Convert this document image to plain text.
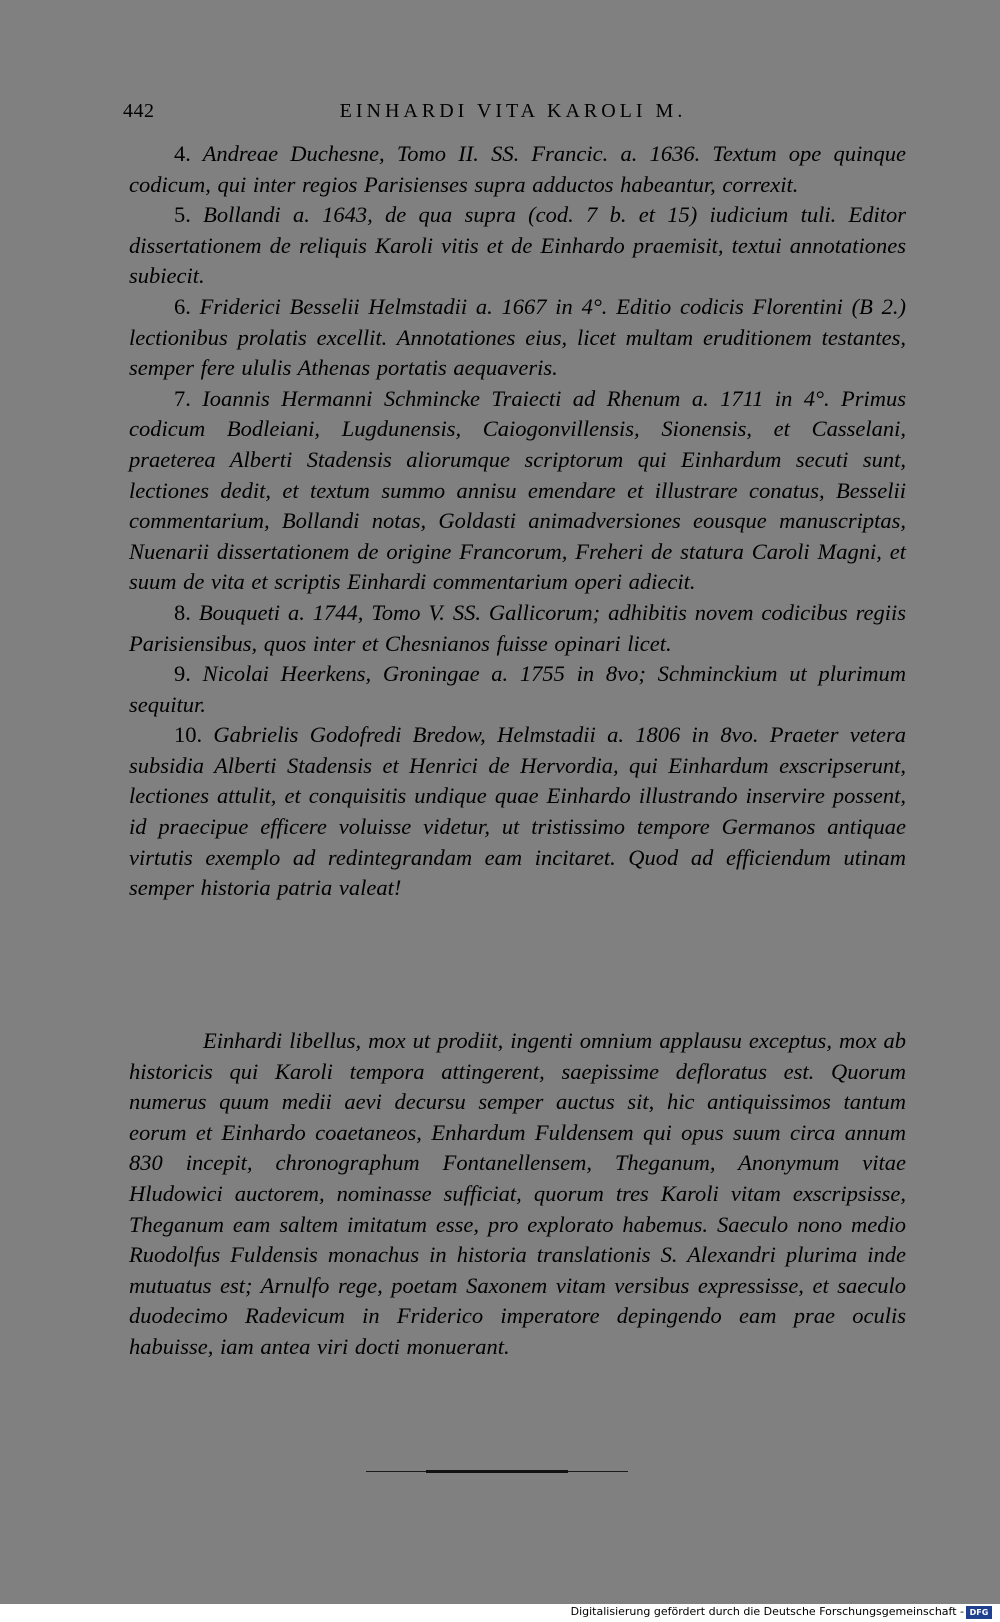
442	EINHARDI VITA KAROLI M.

4. Andreae Duchesne, Tomo II. SS. Francic. a. 1636. Textum ope quinque codicum, qui inter regios Parisienses supra adductos habeantur, correxit.

5. Bollandi a. 1643, de qua supra (cod. 7 b. et 15) iudicium tuli. Editor dissertationem de reliquis Karoli vitis et de Einhardo praemisit, textui annotationes subiecit.

6. Friderici Besselii Helmstadii a. 1667 in 4°. Editio codicis Florentini (B 2.) lectionibus prolatis excellit. Annotationes eius, licet multam eruditionem testantes, semper fere ululis Athenas portatis aequaveris.

7. Ioannis Hermanni Schmincke Traiecti ad Rhenum a. 1711 in 4°. Primus codicum Bodleiani, Lugdunensis, Caiogonvillensis, Sionensis, et Casselani, praeterea Alberti Stadensis aliorumque scriptorum qui Einhardum secuti sunt, lectiones dedit, et textum summo annisu emendare et illustrare conatus, Besselii commentarium, Bollandi notas, Goldasti animadversiones eousque manuscriptas, Nuenarii dissertationem de origine Francorum, Freheri de statura Caroli Magni, et suum de vita et scriptis Einhardi commentarium operi adiecit.

8. Bouqueti a. 1744, Tomo V. SS. Gallicorum; adhibitis novem codicibus regiis Parisiensibus, quos inter et Chesnianos fuisse opinari licet.

9. Nicolai Heerkens, Groningae a. 1755 in 8vo; Schminckium ut plurimum sequitur.

10. Gabrielis Godofredi Bredow, Helmstadii a. 1806 in 8vo. Praeter vetera subsidia Alberti Stadensis et Henrici de Hervordia, qui Einhardum exscripserunt, lectiones attulit, et conquisitis undique quae Einhardo illustrando inservire possent, id praecipue efficere voluisse videtur, ut tristissimo tempore Germanos antiquae virtutis exemplo ad redintegrandam eam incitaret. Quod ad efficiendum utinam semper historia patria valeat!

Einhardi libellus, mox ut prodiit, ingenti omnium applausu exceptus, mox ab historicis qui Karoli tempora attingerent, saepissime defloratus est. Quorum numerus quum medii aevi decursu semper auctus sit, hic antiquissimos tantum eorum et Einhardo coaetaneos, Enhardum Fuldensem qui opus suum circa annum 830 incepit, chronographum Fontanellensem, Theganum, Anonymum vitae Hludowici auctorem, nominasse sufficiat, quorum tres Karoli vitam exscripsisse, Theganum eam saltem imitatum esse, pro explorato habemus. Saeculo nono medio Ruodolfus Fuldensis monachus in historia translationis S. Alexandri plurima inde mutuatus est; Arnulfo rege, poetam Saxonem vitam versibus expressisse, et saeculo duodecimo Radevicum in Friderico imperatore depingendo eam prae oculis habuisse, iam antea viri docti monuerant.

Digitalisierung gefördert durch die Deutsche Forschungsgemeinschaft - DFG
